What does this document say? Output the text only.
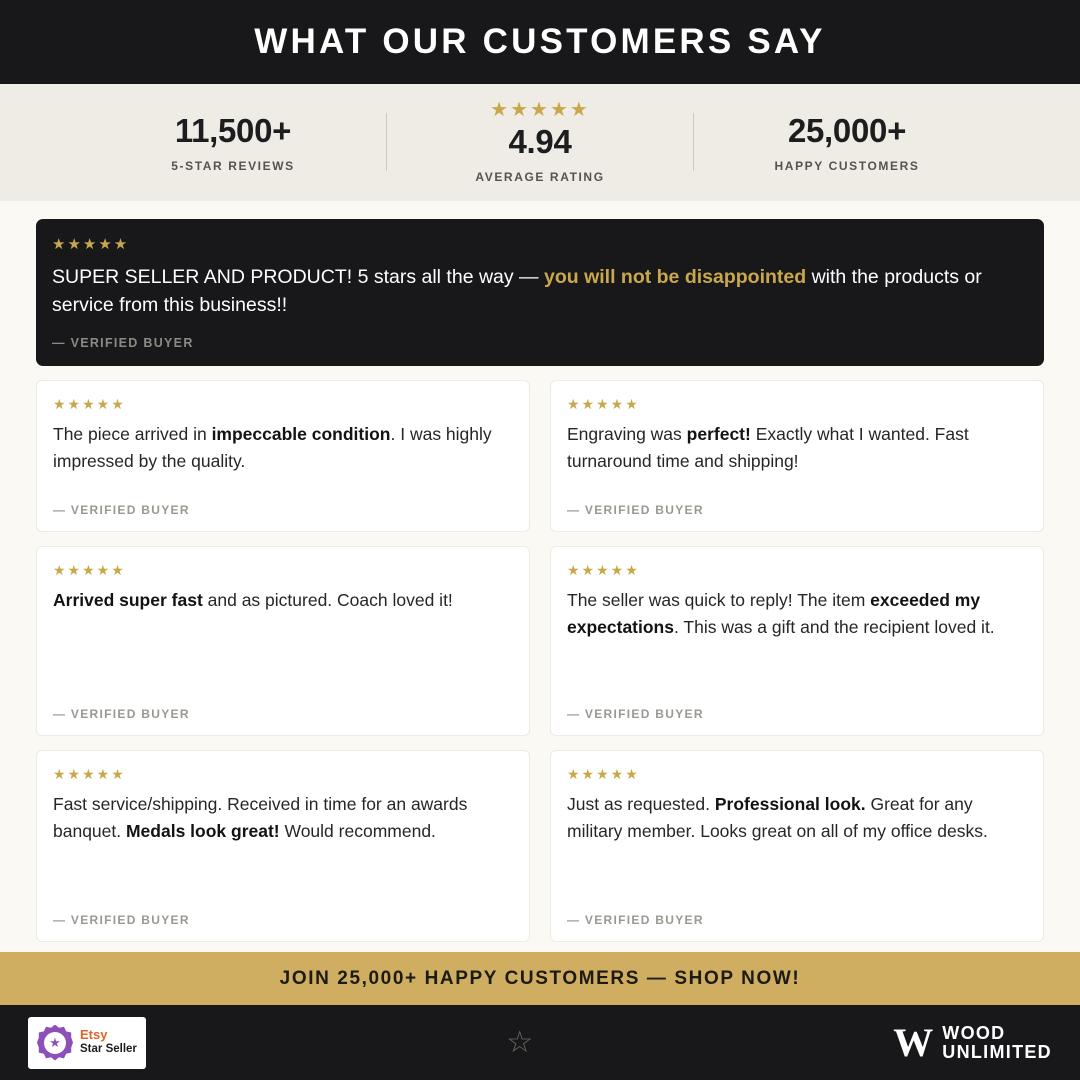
WHAT OUR CUSTOMERS SAY
11,500+
5-STAR REVIEWS
★★★★★
4.94
AVERAGE RATING
25,000+
HAPPY CUSTOMERS
★★★★★
SUPER SELLER AND PRODUCT! 5 stars all the way — you will not be disappointed with the products or service from this business!!
— VERIFIED BUYER
★★★★★
The piece arrived in impeccable condition. I was highly impressed by the quality.
— VERIFIED BUYER
★★★★★
Engraving was perfect! Exactly what I wanted. Fast turnaround time and shipping!
— VERIFIED BUYER
★★★★★
Arrived super fast and as pictured. Coach loved it!
— VERIFIED BUYER
★★★★★
The seller was quick to reply! The item exceeded my expectations. This was a gift and the recipient loved it.
— VERIFIED BUYER
★★★★★
Fast service/shipping. Received in time for an awards banquet. Medals look great! Would recommend.
— VERIFIED BUYER
★★★★★
Just as requested. Professional look. Great for any military member. Looks great on all of my office desks.
— VERIFIED BUYER
JOIN 25,000+ HAPPY CUSTOMERS — SHOP NOW!
★
Etsy
Star Seller	☆	W WOOD
UNLIMITED
